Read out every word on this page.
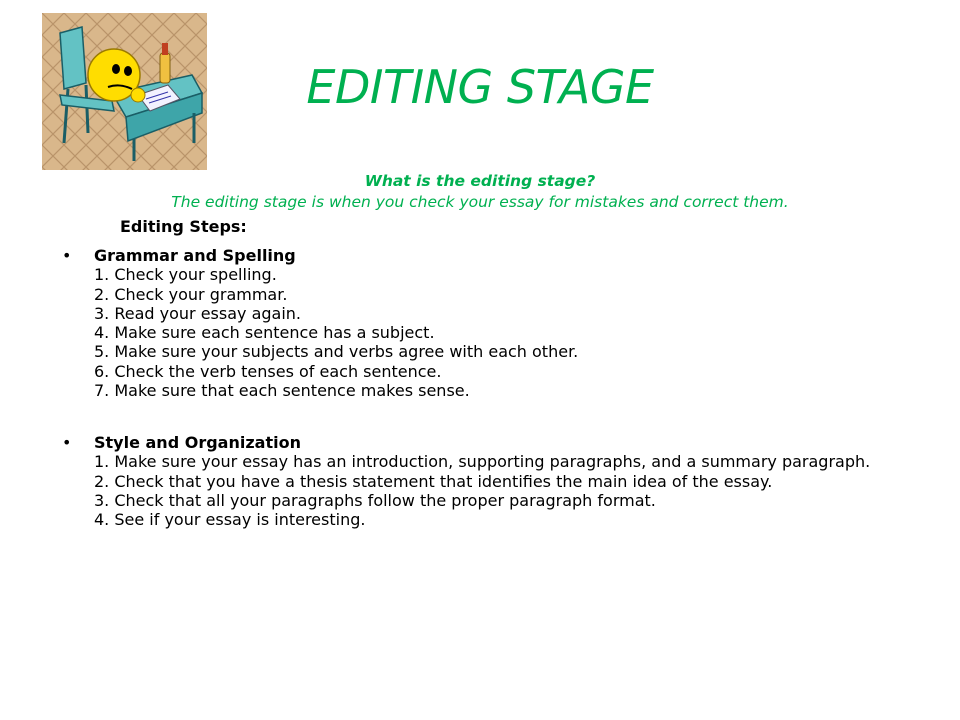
EDITING STAGE
What is the editing stage?
The editing stage is when you check your essay for mistakes and correct them.
Editing Steps:
• Grammar and Spelling
1. Check your spelling.
2. Check your grammar.
3. Read your essay again.
4. Make sure each sentence has a subject.
5. Make sure your subjects and verbs agree with each other.
6. Check the verb tenses of each sentence.
7. Make sure that each sentence makes sense.
• Style and Organization
1. Make sure your essay has an introduction, supporting paragraphs, and a summary paragraph.
2. Check that you have a thesis statement that identifies the main idea of the essay.
3. Check that all your paragraphs follow the proper paragraph format.
4. See if your essay is interesting.
